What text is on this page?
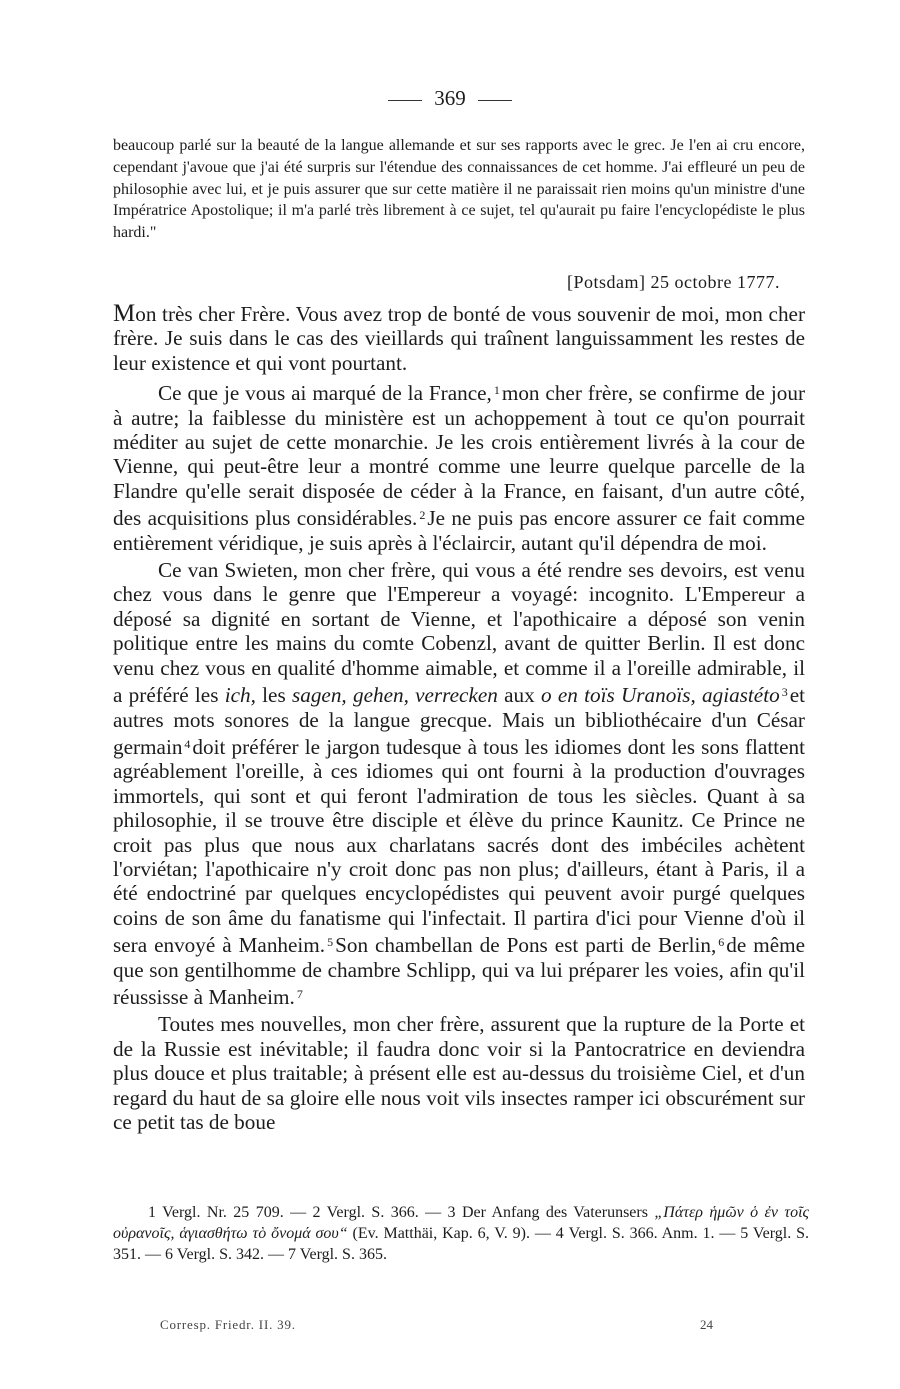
369
beaucoup parlé sur la beauté de la langue allemande et sur ses rapports avec le grec. Je l'en ai cru encore, cependant j'avoue que j'ai été surpris sur l'étendue des connaissances de cet homme. J'ai effleuré un peu de philosophie avec lui, et je puis assurer que sur cette matière il ne paraissait rien moins qu'un ministre d'une Impératrice Apostolique; il m'a parlé très librement à ce sujet, tel qu'aurait pu faire l'encyclopédiste le plus hardi."
[Potsdam] 25 octobre 1777.

Mon très cher Frère. Vous avez trop de bonté de vous souvenir de moi, mon cher frère. Je suis dans le cas des vieillards qui traînent languissamment les restes de leur existence et qui vont pourtant.

Ce que je vous ai marqué de la France, $^1$mon cher frère, se confirme de jour à autre; la faiblesse du ministère est un achoppement à tout ce qu'on pourrait méditer au sujet de cette monarchie. Je les crois entièrement livrés à la cour de Vienne, qui peut-être leur a montré comme une leurre quelque parcelle de la Flandre qu'elle serait disposée de céder à la France, en faisant, d'un autre côté, des acquisitions plus considérables. $^2$Je ne puis pas encore assurer ce fait comme entièrement véridique, je suis après à l'éclaircir, autant qu'il dépendra de moi.

Ce van Swieten, mon cher frère, qui vous a été rendre ses devoirs, est venu chez vous dans le genre que l'Empereur a voyagé: incognito. L'Empereur a déposé sa dignité en sortant de Vienne, et l'apothicaire a déposé son venin politique entre les mains du comte Cobenzl, avant de quitter Berlin. Il est donc venu chez vous en qualité d'homme aimable, et comme il a l'oreille admirable, il a préféré les ich, les sagen, gehen, verrecken aux o en toïs Uranoïs, agiastéto $^3$et autres mots sonores de la langue grecque. Mais un bibliothécaire d'un César germain $^4$doit préférer le jargon tudesque à tous les idiomes dont les sons flattent agréablement l'oreille, à ces idiomes qui ont fourni à la production d'ouvrages immortels, qui sont et qui feront l'admiration de tous les siècles. Quant à sa philosophie, il se trouve être disciple et élève du prince Kaunitz. Ce Prince ne croit pas plus que nous aux charlatans sacrés dont des imbéciles achètent l'orviétan; l'apothicaire n'y croit donc pas non plus; d'ailleurs, étant à Paris, il a été endoctriné par quelques encyclopédistes qui peuvent avoir purgé quelques coins de son âme du fanatisme qui l'infectait. Il partira d'ici pour Vienne d'où il sera envoyé à Manheim. $^5$Son chambellan de Pons est parti de Berlin, $^6$de même que son gentilhomme de chambre Schlipp, qui va lui préparer les voies, afin qu'il réussisse à Manheim. $^7$

Toutes mes nouvelles, mon cher frère, assurent que la rupture de la Porte et de la Russie est inévitable; il faudra donc voir si la Pantocratrice en deviendra plus douce et plus traitable; à présent elle est au-dessus du troisième Ciel, et d'un regard du haut de sa gloire elle nous voit vils insectes ramper ici obscurément sur ce petit tas de boue

1 Vergl. Nr. 25 709. — 2 Vergl. S. 366. — 3 Der Anfang des Vaterunsers „Πάτερ ἡμῶν ὁ ἐν τοῖς οὐρανοῖς, ἁγιασθήτω τὸ ὄνομά σου“ (Ev. Matthäi, Kap. 6, V. 9). — 4 Vergl. S. 366. Anm. 1. — 5 Vergl. S. 351. — 6 Vergl. S. 342. — 7 Vergl. S. 365.

Corresp. Friedr. II. 39.	24
